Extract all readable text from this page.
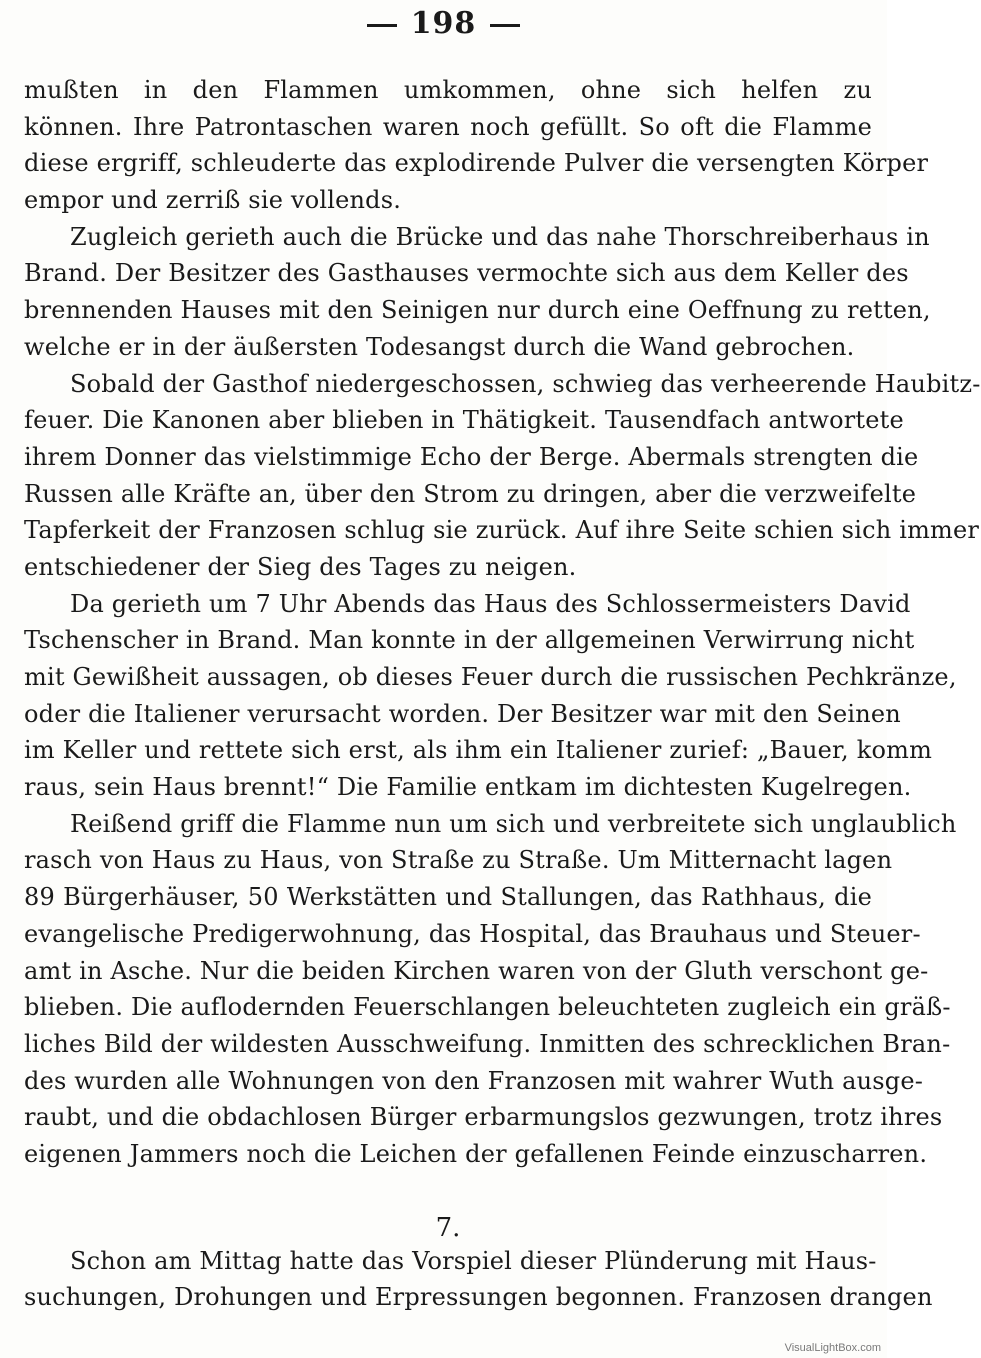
198
mußten in den Flammen umkommen, ohne sich helfen zu
können. Ihre Patrontaschen waren noch gefüllt. So oft die Flamme
diese ergriff, schleuderte das explodirende Pulver die versengten Körper
empor und zerriß sie vollends.
Zugleich gerieth auch die Brücke und das nahe Thorschreiberhaus in
Brand. Der Besitzer des Gasthauses vermochte sich aus dem Keller des
brennenden Hauses mit den Seinigen nur durch eine Oeffnung zu retten,
welche er in der äußersten Todesangst durch die Wand gebrochen.
Sobald der Gasthof niedergeschossen, schwieg das verheerende Haubitz-
feuer. Die Kanonen aber blieben in Thätigkeit. Tausendfach antwortete
ihrem Donner das vielstimmige Echo der Berge. Abermals strengten die
Russen alle Kräfte an, über den Strom zu dringen, aber die verzweifelte
Tapferkeit der Franzosen schlug sie zurück. Auf ihre Seite schien sich immer
entschiedener der Sieg des Tages zu neigen.
Da gerieth um 7 Uhr Abends das Haus des Schlossermeisters David
Tschenscher in Brand. Man konnte in der allgemeinen Verwirrung nicht
mit Gewißheit aussagen, ob dieses Feuer durch die russischen Pechkränze,
oder die Italiener verursacht worden. Der Besitzer war mit den Seinen
im Keller und rettete sich erst, als ihm ein Italiener zurief: „Bauer, komm
raus, sein Haus brennt!“ Die Familie entkam im dichtesten Kugelregen.
Reißend griff die Flamme nun um sich und verbreitete sich unglaublich
rasch von Haus zu Haus, von Straße zu Straße. Um Mitternacht lagen
89 Bürgerhäuser, 50 Werkstätten und Stallungen, das Rathhaus, die
evangelische Predigerwohnung, das Hospital, das Brauhaus und Steuer-
amt in Asche. Nur die beiden Kirchen waren von der Gluth verschont ge-
blieben. Die auflodernden Feuerschlangen beleuchteten zugleich ein gräß-
liches Bild der wildesten Ausschweifung. Inmitten des schrecklichen Bran-
des wurden alle Wohnungen von den Franzosen mit wahrer Wuth ausge-
raubt, und die obdachlosen Bürger erbarmungslos gezwungen, trotz ihres
eigenen Jammers noch die Leichen der gefallenen Feinde einzuscharren.
7.
Schon am Mittag hatte das Vorspiel dieser Plünderung mit Haus-
suchungen, Drohungen und Erpressungen begonnen. Franzosen drangen
VisualLightBox.com
